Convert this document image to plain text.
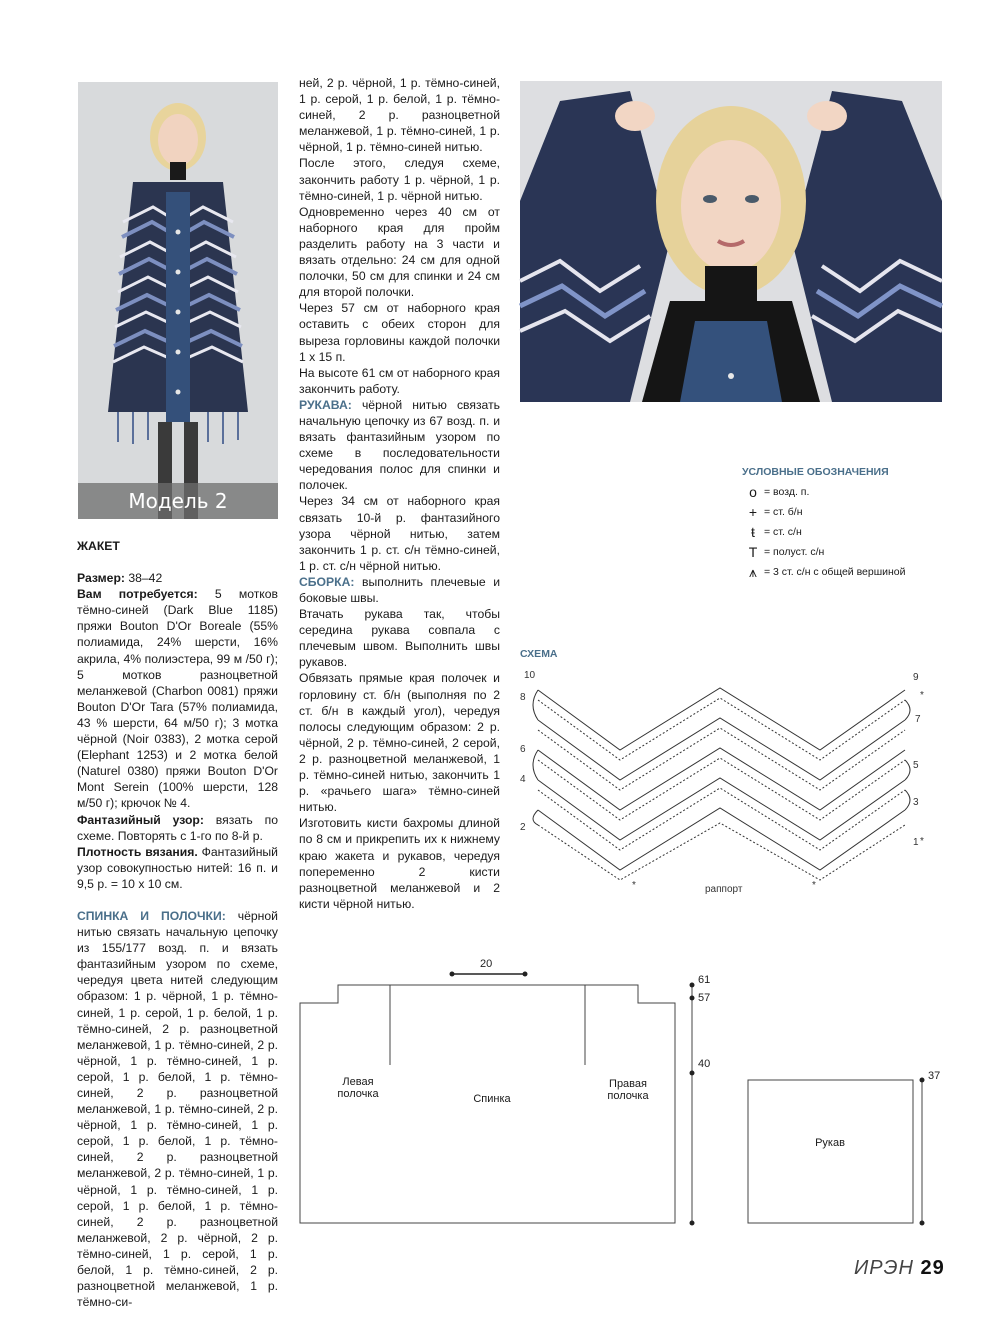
Модель 2
ЖАКЕТ
Размер: 38–42
Вам потребуется: 5 мотков тёмно-синей (Dark Blue 1185) пряжи Bouton D'Or Boreale (55% полиамида, 24% шерсти, 16% акрила, 4% полиэстера, 99 м /50 г); 5 мотков разноцветной меланжевой (Charbon 0081) пряжи Bouton D'Or Tara (57% полиамида, 43 % шерсти, 64 м/50 г); 3 мотка чёрной (Noir 0383), 2 мотка серой (Elephant 1253) и 2 мотка белой (Naturel 0380) пряжи Bouton D'Or Mont Serein (100% шерсти, 128 м/50 г); крючок № 4.
Фантазийный узор: вязать по схеме. Повторять с 1-го по 8-й р.
Плотность вязания. Фантазийный узор совокупностью нитей: 16 п. и 9,5 р. = 10 х 10 см.
СПИНКА И ПОЛОЧКИ: чёрной нитью связать начальную цепочку из 155/177 возд. п. и вязать фантазийным узором по схеме, чередуя цвета нитей следующим образом: 1 р. чёрной, 1 р. тёмно-синей, 1 р. серой, 1 р. белой, 1 р. тёмно-синей, 2 р. разноцветной меланжевой, 1 р. тёмно-синей, 2 р. чёрной, 1 р. тёмно-синей, 1 р. серой, 1 р. белой, 1 р. тёмно-синей, 2 р. разноцветной меланжевой, 1 р. тёмно-синей, 2 р. чёрной, 1 р. тёмно-синей, 1 р. серой, 1 р. белой, 1 р. тёмно-синей, 2 р. разноцветной меланжевой, 2 р. тёмно-синей, 1 р. чёрной, 1 р. тёмно-синей, 1 р. серой, 1 р. белой, 1 р. тёмно-синей, 2 р. разноцветной меланжевой, 2 р. чёрной, 2 р. тёмно-синей, 1 р. серой, 1 р. белой, 1 р. тёмно-синей, 2 р. разноцветной меланжевой, 1 р. тёмно-си-
ней, 2 р. чёрной, 1 р. тёмно-синей, 1 р. серой, 1 р. белой, 1 р. тёмно-синей, 2 р. разноцветной меланжевой, 1 р. тёмно-синей, 1 р. чёрной, 1 р. тёмно-синей нитью.
После этого, следуя схеме, закончить работу 1 р. чёрной, 1 р. тёмно-синей, 1 р. чёрной нитью.
Одновременно через 40 см от наборного края для пройм разделить работу на 3 части и вязать отдельно: 24 см для одной полочки, 50 см для спинки и 24 см для второй полочки.
Через 57 см от наборного края оставить с обеих сторон для выреза горловины каждой полочки 1 х 15 п.
На высоте 61 см от наборного края закончить работу.
РУКАВА: чёрной нитью связать начальную цепочку из 67 возд. п. и вязать фантазийным узором по схеме в последовательности чередования полос для спинки и полочек.
Через 34 см от наборного края связать 10-й р. фантазийного узора чёрной нитью, затем закончить 1 р. ст. с/н тёмно-синей, 1 р. ст. с/н чёрной нитью.
СБОРКА: выполнить плечевые и боковые швы.
Втачать рукава так, чтобы середина рукава совпала с плечевым швом. Выполнить швы рукавов.
Обвязать прямые края полочек и горловину ст. б/н (выполняя по 2 ст. б/н в каждый угол), чередуя полосы следующим образом: 2 р. чёрной, 2 р. тёмно-синей, 2 серой, 2 р. разноцветной меланжевой, 1 р. тёмно-синей нитью, закончить 1 р. «рачьего шага» тёмно-синей нитью.
Изготовить кисти бахромы длиной по 8 см и прикрепить их к нижнему краю жакета и рукавов, чередуя попеременно 2 кисти разноцветной меланжевой и 2 кисти чёрной нитью.
УСЛОВНЫЕ ОБОЗНАЧЕНИЯ
o = возд. п.
+ = ст. б/н
ŧ = ст. с/н
T = полуст. с/н
⩚ = 3 ст. с/н с общей вершиной
СХЕМА
10
8
6
4
2
9
7
5
3
1
*
*
*	*
раппорт
20
61
57
40
Левая полочка	Спинка
Правая полочка
37
Рукав
ИРЭН 29
